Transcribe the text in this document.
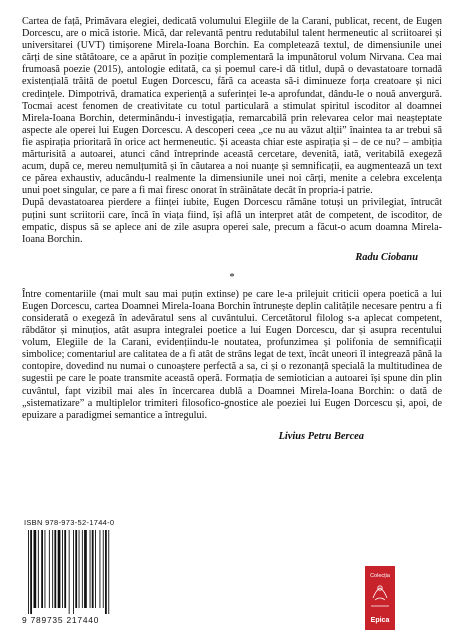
Cartea de față, Primăvara elegiei, dedicată volumului Elegiile de la Carani, publicat, recent, de Eugen Dorcescu, are o mică istorie. Mică, dar relevantă pentru redutabilul talent hermeneutic al scriitoarei și universitarei (UVT) timișorene Mirela-Ioana Borchin. Ea completează textul, de dimensiunile unei cărți de sine stătătoare, ce a apărut în poziție complementară la impunătorul volum Nirvana. Cea mai frumoasă poezie (2015), antologie editată, ca și poemul care-i dă titlul, după o devastatoare tornadă existențială trăită de poetul Eugen Dorcescu, fără ca aceasta să-i diminueze forța creatoare și nici credințele. Dimpotrivă, dramatica experiență a suferinței le-a aprofundat, dându-le o nouă anvergură. Tocmai acest fenomen de creativitate cu totul particulară a stimulat spiritul iscoditor al doamnei Mirela-Ioana Borchin, determinându-i investigația, remarcabilă prin relevarea celor mai neașteptate aspecte ale operei lui Eugen Dorcescu. A descoperi ceea „ce nu au văzut alții” înaintea ta ar trebui să fie aspirația prioritară în orice act hermeneutic. Și aceasta chiar este aspirația și – de ce nu? – ambiția mărturisită a autoarei, atunci când întreprinde această cercetare, devenită, iată, veritabilă exegeză acum, după ce, mereu nemulțumită și în căutarea a noi nuanțe și semnificații, ea augmentează un text ce părea exhaustiv, aducându-l realmente la dimensiunile unei noi cărți, menite a celebra excelența unui poet singular, ce pare a fi mai firesc onorat în străinătate decât în propria-i patrie.

După devastatoarea pierdere a ființei iubite, Eugen Dorcescu rămâne totuși un privilegiat, întrucât puțini sunt scriitorii care, încă în viața fiind, își află un interpret atât de competent, de iscoditor, de empatic, dispus să se aplece ani de zile asupra operei sale, precum a făcut-o acum doamna Mirela-Ioana Borchin.

Radu Ciobanu

*

Între comentariile (mai mult sau mai puțin extinse) pe care le-a prilejuit criticii opera poetică a lui Eugen Dorcescu, cartea Doamnei Mirela-Ioana Borchin întrunește deplin calitățile necesare pentru a fi considerată o exegeză în adevăratul sens al cuvântului. Cercetătorul filolog s-a aplecat competent, răbdător și minuțios, atât asupra integralei poetice a lui Eugen Dorcescu, dar și asupra recentului volum, Elegiile de la Carani, evidențiindu-le noutatea, profunzimea și polifonia de semnificații simbolice; comentariul are calitatea de a fi atât de strâns legat de text, încât uneori îl integrează până la contopire, dovedind nu numai o cunoaștere perfectă a sa, ci și o rezonanță specială la multitudinea de sugestii pe care le poate transmite această operă. Formația de semiotician a autoarei își spune din plin cuvântul, fapt vizibil mai ales în încercarea dublă a Doamnei Mirela-Ioana Borchin: o dată de „sistematizare” a multiplelor trimiteri filosofico-gnostice ale poeziei lui Eugen Dorcescu și, apoi, de epuizare a paradigmei semantice a întregului.

Livius Petru Bercea

ISBN 978-973-52-1744-0
9 789735 217440
Colecția
Epica
